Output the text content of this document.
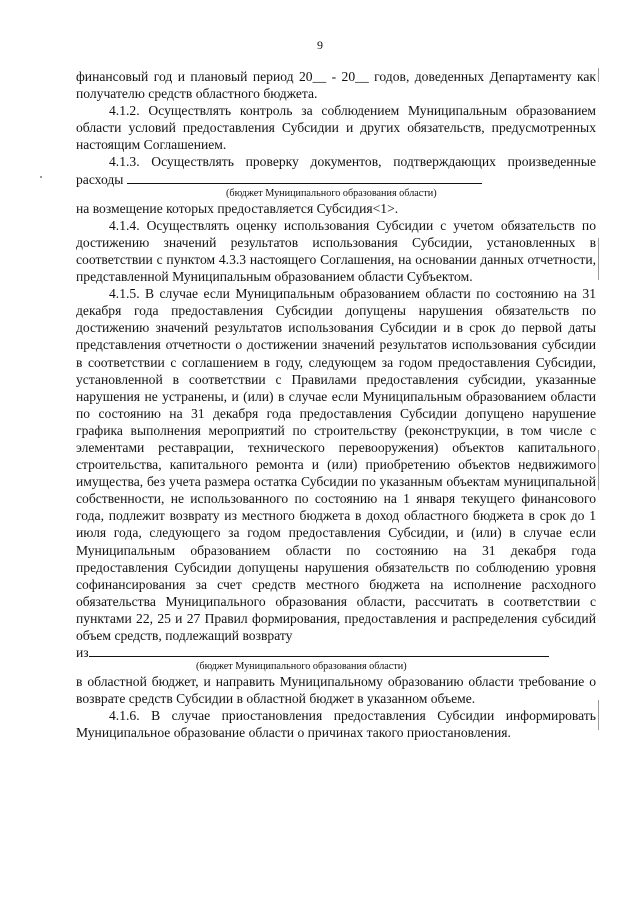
9

финансовый год и плановый период 20__ - 20__ годов, доведенных Департаменту как получателю средств областного бюджета.

4.1.2. Осуществлять контроль за соблюдением Муниципальным образованием области условий предоставления Субсидии и других обязательств, предусмотренных настоящим Соглашением.

4.1.3. Осуществлять проверку документов, подтверждающих произведенные расходы

(бюджет Муниципального образования области)

на возмещение которых предоставляется Субсидия<1>.

4.1.4. Осуществлять оценку использования Субсидии с учетом обязательств по достижению значений результатов использования Субсидии, установленных в соответствии с пунктом 4.3.3 настоящего Соглашения, на основании данных отчетности, представленной Муниципальным образованием области Субъектом.

4.1.5. В случае если Муниципальным образованием области по состоянию на 31 декабря года предоставления Субсидии допущены нарушения обязательств по достижению значений результатов использования Субсидии и в срок до первой даты представления отчетности о достижении значений результатов использования субсидии в соответствии с соглашением в году, следующем за годом предоставления Субсидии, установленной в соответствии с Правилами предоставления субсидии, указанные нарушения не устранены, и (или) в случае если Муниципальным образованием области по состоянию на 31 декабря года предоставления Субсидии допущено нарушение графика выполнения мероприятий по строительству (реконструкции, в том числе с элементами реставрации, технического перевооружения) объектов капитального строительства, капитального ремонта и (или) приобретению объектов недвижимого имущества, без учета размера остатка Субсидии по указанным объектам муниципальной собственности, не использованного по состоянию на 1 января текущего финансового года, подлежит возврату из местного бюджета в доход областного бюджета в срок до 1 июля года, следующего за годом предоставления Субсидии, и (или) в случае если Муниципальным образованием области по состоянию на 31 декабря года предоставления Субсидии допущены нарушения обязательств по соблюдению уровня софинансирования за счет средств местного бюджета на исполнение расходного обязательства Муниципального образования области, рассчитать в соответствии с пунктами 22, 25 и 27 Правил формирования, предоставления и распределения субсидий объем средств, подлежащий возврату

из

(бюджет Муниципального образования области)

в областной бюджет, и направить Муниципальному образованию области требование о возврате средств Субсидии в областной бюджет в указанном объеме.

4.1.6. В случае приостановления предоставления Субсидии информировать Муниципальное образование области о причинах такого приостановления.
